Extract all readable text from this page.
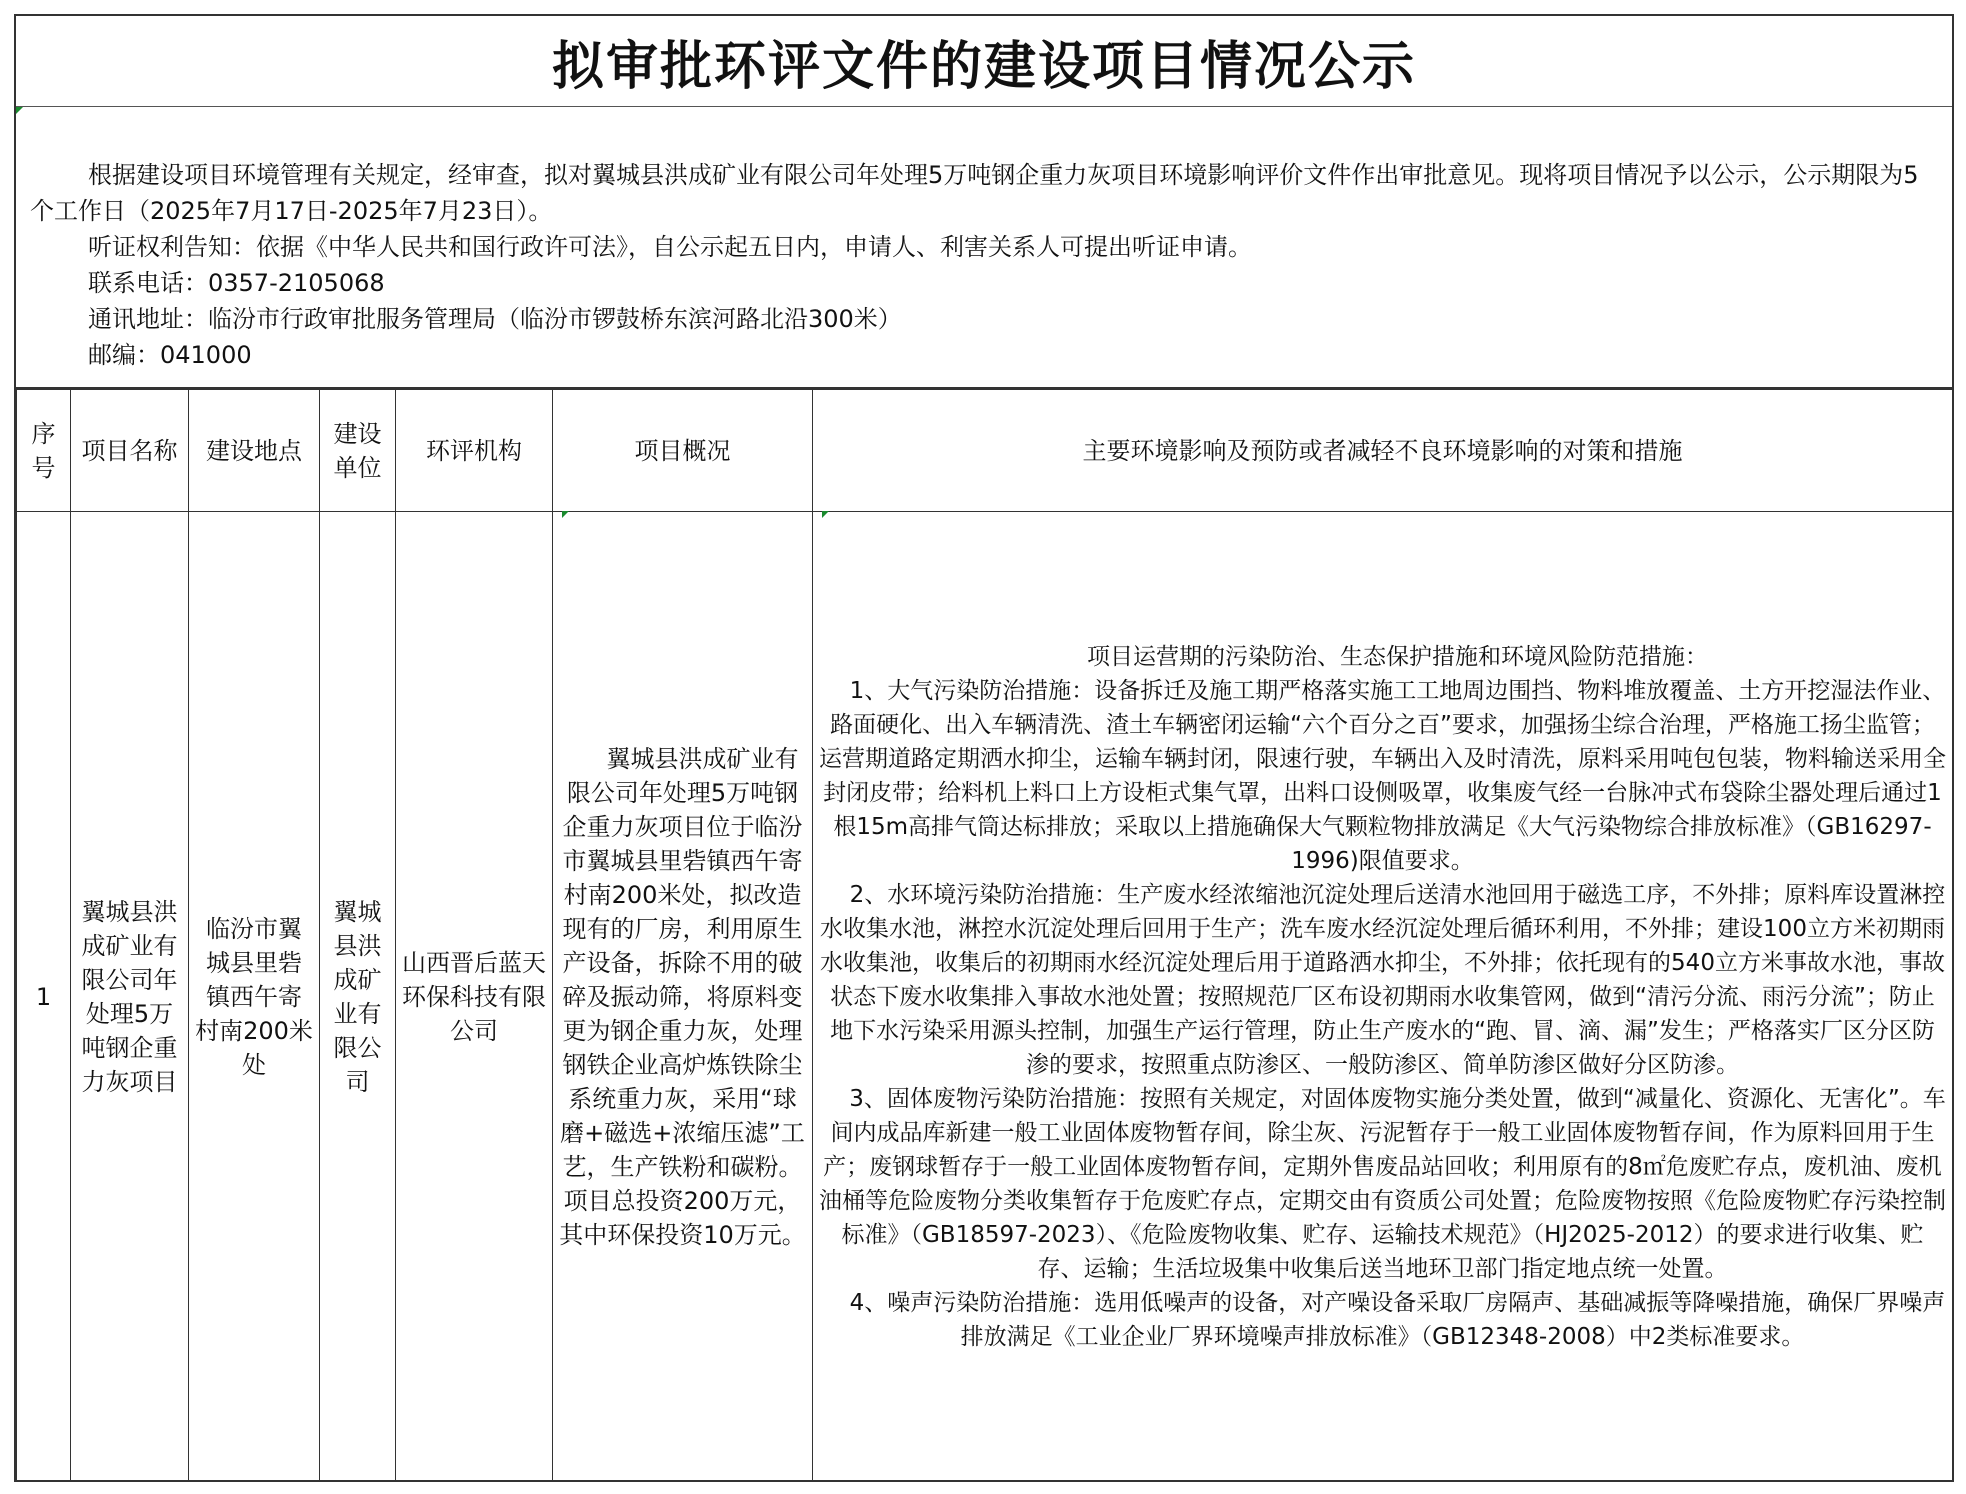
拟审批环评文件的建设项目情况公示

根据建设项目环境管理有关规定，经审查，拟对翼城县洪成矿业有限公司年处理5万吨钢企重力灰项目环境影响评价文件作出审批意见。现将项目情况予以公示，公示期限为5个工作日（2025年7月17日-2025年7月23日）。

听证权利告知：依据《中华人民共和国行政许可法》，自公示起五日内，申请人、利害关系人可提出听证申请。

联系电话：0357-2105068

通讯地址：临汾市行政审批服务管理局（临汾市锣鼓桥东滨河路北沿300米）

邮编：041000

序号	项目名称	建设地点	建设单位	环评机构	项目概况	主要环境影响及预防或者减轻不良环境影响的对策和措施
1	翼城县洪成矿业有限公司年处理5万吨钢企重力灰项目	临汾市翼城县里砦镇西午寄村南200米处	翼城县洪成矿业有限公司	山西晋后蓝天环保科技有限公司	翼城县洪成矿业有限公司年处理5万吨钢企重力灰项目位于临汾市翼城县里砦镇西午寄村南200米处，拟改造现有的厂房，利用原生产设备，拆除不用的破碎及振动筛，将原料变更为钢企重力灰，处理钢铁企业高炉炼铁除尘系统重力灰，采用“球磨+磁选+浓缩压滤”工艺，生产铁粉和碳粉。项目总投资200万元，其中环保投资10万元。	项目运营期的污染防治、生态保护措施和环境风险防范措施：

1、大气污染防治措施：设备拆迁及施工期严格落实施工工地周边围挡、物料堆放覆盖、土方开挖湿法作业、路面硬化、出入车辆清洗、渣土车辆密闭运输“六个百分之百”要求，加强扬尘综合治理，严格施工扬尘监管；运营期道路定期洒水抑尘，运输车辆封闭，限速行驶，车辆出入及时清洗，原料采用吨包包装，物料输送采用全封闭皮带；给料机上料口上方设柜式集气罩，出料口设侧吸罩，收集废气经一台脉冲式布袋除尘器处理后通过1根15m高排气筒达标排放；采取以上措施确保大气颗粒物排放满足《大气污染物综合排放标准》（GB16297-1996)限值要求。

2、水环境污染防治措施：生产废水经浓缩池沉淀处理后送清水池回用于磁选工序，不外排；原料库设置淋控水收集水池，淋控水沉淀处理后回用于生产；洗车废水经沉淀处理后循环利用，不外排；建设100立方米初期雨水收集池，收集后的初期雨水经沉淀处理后用于道路洒水抑尘，不外排；依托现有的540立方米事故水池，事故状态下废水收集排入事故水池处置；按照规范厂区布设初期雨水收集管网，做到“清污分流、雨污分流”；防止地下水污染采用源头控制，加强生产运行管理，防止生产废水的“跑、冒、滴、漏”发生；严格落实厂区分区防渗的要求，按照重点防渗区、一般防渗区、简单防渗区做好分区防渗。

3、固体废物污染防治措施：按照有关规定，对固体废物实施分类处置，做到“减量化、资源化、无害化”。车间内成品库新建一般工业固体废物暂存间，除尘灰、污泥暂存于一般工业固体废物暂存间，作为原料回用于生产；废钢球暂存于一般工业固体废物暂存间，定期外售废品站回收；利用原有的8㎡危废贮存点，废机油、废机油桶等危险废物分类收集暂存于危废贮存点，定期交由有资质公司处置；危险废物按照《危险废物贮存污染控制标准》（GB18597-2023）、《危险废物收集、贮存、运输技术规范》（HJ2025-2012）的要求进行收集、贮存、运输；生活垃圾集中收集后送当地环卫部门指定地点统一处置。

4、噪声污染防治措施：选用低噪声的设备，对产噪设备采取厂房隔声、基础减振等降噪措施，确保厂界噪声排放满足《工业企业厂界环境噪声排放标准》（GB12348-2008）中2类标准要求。
